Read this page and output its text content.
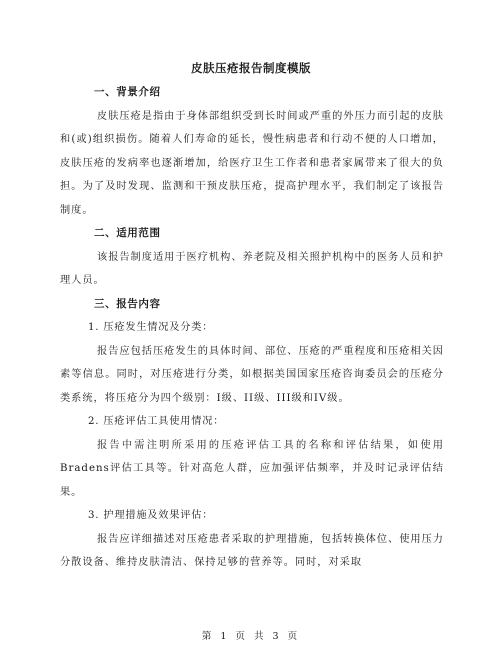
皮肤压疮报告制度模版
一、背景介绍

皮肤压疮是指由于身体部组织受到长时间或严重的外压力而引起的皮肤和(或)组织损伤。随着人们寿命的延长，慢性病患者和行动不便的人口增加，皮肤压疮的发病率也逐渐增加，给医疗卫生工作者和患者家属带来了很大的负担。为了及时发现、监测和干预皮肤压疮，提高护理水平，我们制定了该报告制度。

二、适用范围

该报告制度适用于医疗机构、养老院及相关照护机构中的医务人员和护理人员。

三、报告内容

1. 压疮发生情况及分类：

报告应包括压疮发生的具体时间、部位、压疮的严重程度和压疮相关因素等信息。同时，对压疮进行分类，如根据美国国家压疮咨询委员会的压疮分类系统，将压疮分为四个级别：I级、II级、III级和IV级。

2. 压疮评估工具使用情况：

报告中需注明所采用的压疮评估工具的名称和评估结果，如使用Bradens评估工具等。针对高危人群，应加强评估频率，并及时记录评估结果。

3. 护理措施及效果评估：

报告应详细描述对压疮患者采取的护理措施，包括转换体位、使用压力分散设备、维持皮肤清洁、保持足够的营养等。同时，对采取

第 1 页 共 3 页
